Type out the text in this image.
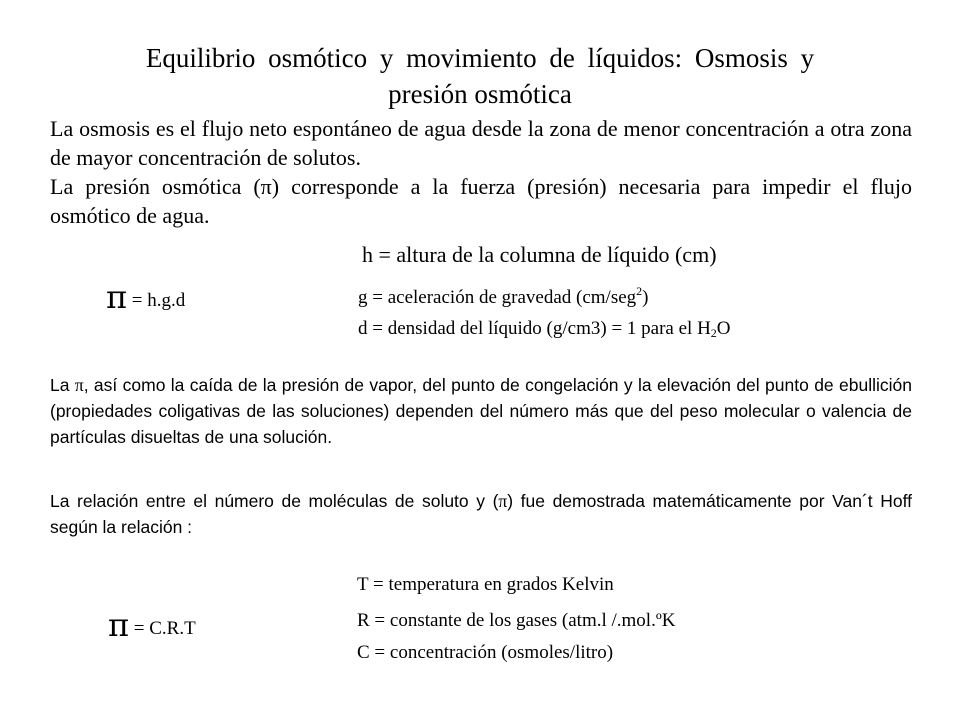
Equilibrio osmótico y movimiento de líquidos: Osmosis y
presión osmótica
La osmosis es el flujo neto espontáneo de agua desde la zona de menor concentración a otra zona de mayor concentración de solutos.
La presión osmótica (π) corresponde a la fuerza (presión) necesaria para impedir el flujo osmótico de agua.
h = altura de la columna de líquido (cm)
π = h.g.d	g = aceleración de gravedad (cm/seg$^2$)
d = densidad del líquido (g/cm3) = 1 para el $H_2O$
La π, así como la caída de la presión de vapor, del punto de congelación y la elevación del punto de ebullición (propiedades coligativas de las soluciones) dependen del número más que del peso molecular o valencia de partículas disueltas de una solución.
La relación entre el número de moléculas de soluto y (π) fue demostrada matemáticamente por Van´t Hoff según la relación :
T = temperatura en grados Kelvin
π = C.R.T	R = constante de los gases (atm.l /.mol.ºK
C = concentración (osmoles/litro)
